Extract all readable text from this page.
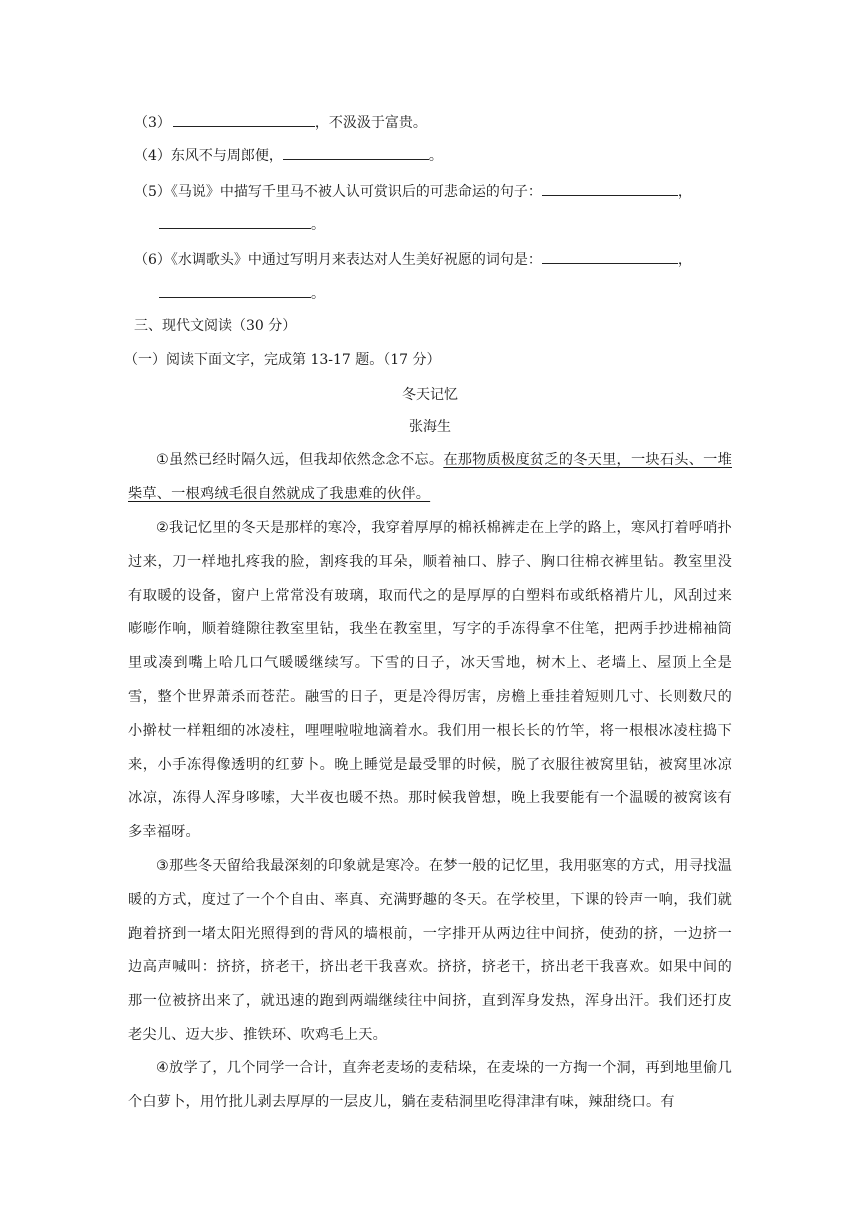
（3）	，不汲汲于富贵。
（4）东风不与周郎便，	。
（5）《马说》中描写千里马不被人认可赏识后的可悲命运的句子：	，
。
（6）《水调歌头》中通过写明月来表达对人生美好祝愿的词句是：	，
。
三、现代文阅读（30 分）
（一）阅读下面文字，完成第 13-17 题。（17 分）
冬天记忆
张海生
①虽然已经时隔久远，但我却依然念念不忘。在那物质极度贫乏的冬天里，一块石头、一堆柴草、一根鸡绒毛很自然就成了我患难的伙伴。
②我记忆里的冬天是那样的寒冷，我穿着厚厚的棉袄棉裤走在上学的路上，寒风打着呼哨扑过来，刀一样地扎疼我的脸，割疼我的耳朵，顺着袖口、脖子、胸口往棉衣裤里钻。教室里没有取暖的设备，窗户上常常没有玻璃，取而代之的是厚厚的白塑料布或纸格褙片儿，风刮过来嘭嘭作响，顺着缝隙往教室里钻，我坐在教室里，写字的手冻得拿不住笔，把两手抄进棉袖筒里或凑到嘴上哈几口气暖暖继续写。下雪的日子，冰天雪地，树木上、老墙上、屋顶上全是雪，整个世界萧杀而苍茫。融雪的日子，更是冷得厉害，房檐上垂挂着短则几寸、长则数尺的小擀杖一样粗细的冰凌柱，哩哩啦啦地滴着水。我们用一根长长的竹竿，将一根根冰凌柱捣下来，小手冻得像透明的红萝卜。晚上睡觉是最受罪的时候，脱了衣服往被窝里钻，被窝里冰凉冰凉，冻得人浑身哆嗦，大半夜也暖不热。那时候我曾想，晚上我要能有一个温暖的被窝该有多幸福呀。
③那些冬天留给我最深刻的印象就是寒冷。在梦一般的记忆里，我用驱寒的方式，用寻找温暖的方式，度过了一个个自由、率真、充满野趣的冬天。在学校里，下课的铃声一响，我们就跑着挤到一堵太阳光照得到的背风的墙根前，一字排开从两边往中间挤，使劲的挤，一边挤一边高声喊叫：挤挤，挤老干，挤出老干我喜欢。挤挤，挤老干，挤出老干我喜欢。如果中间的那一位被挤出来了，就迅速的跑到两端继续往中间挤，直到浑身发热，浑身出汗。我们还打皮老尖儿、迈大步、推铁环、吹鸡毛上天。
④放学了，几个同学一合计，直奔老麦场的麦秸垛，在麦垛的一方掏一个洞，再到地里偷几个白萝卜，用竹批儿剥去厚厚的一层皮儿，躺在麦秸洞里吃得津津有味，辣甜绕口。有
